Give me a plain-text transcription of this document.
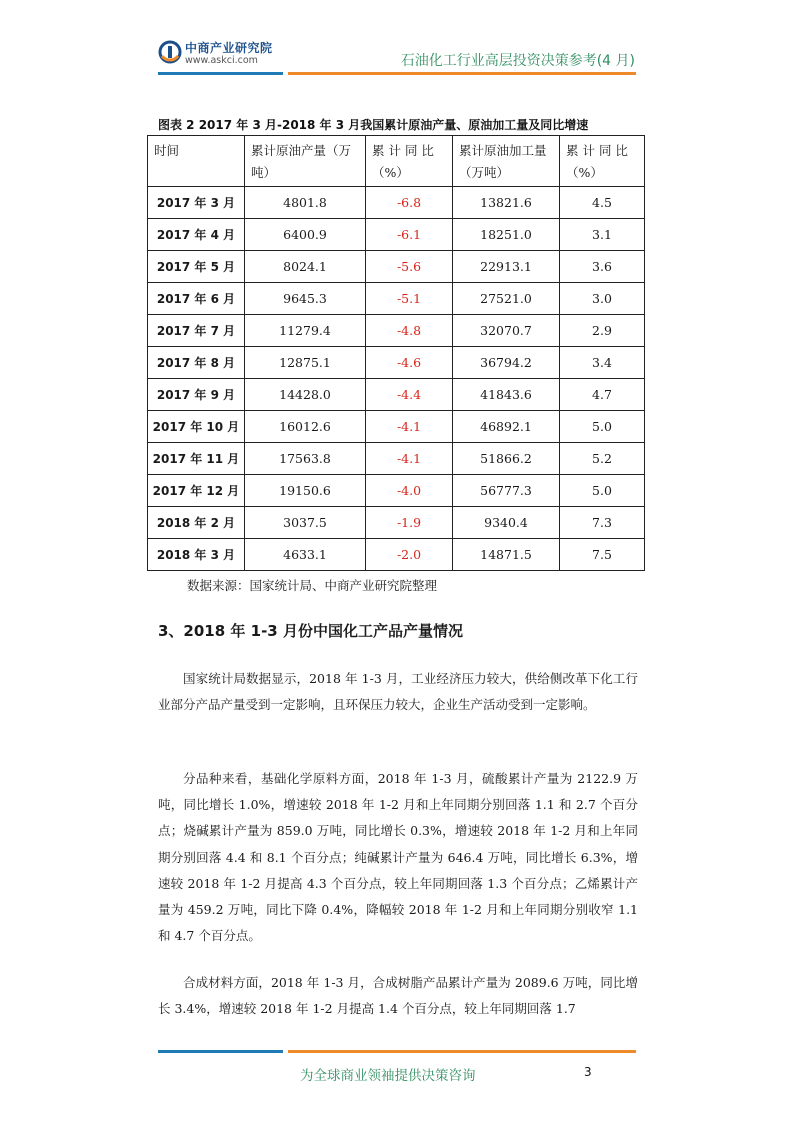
中商产业研究院
www.askci.com	石油化工行业高层投资决策参考(4 月)
图表 2 2017 年 3 月-2018 年 3 月我国累计原油产量、原油加工量及同比增速
时间	累计原油产量（万吨）	累 计 同 比（%）	累计原油加工量（万吨）	累 计 同 比（%）
2017 年 3 月	4801.8	-6.8	13821.6	4.5
2017 年 4 月	6400.9	-6.1	18251.0	3.1
2017 年 5 月	8024.1	-5.6	22913.1	3.6
2017 年 6 月	9645.3	-5.1	27521.0	3.0
2017 年 7 月	11279.4	-4.8	32070.7	2.9
2017 年 8 月	12875.1	-4.6	36794.2	3.4
2017 年 9 月	14428.0	-4.4	41843.6	4.7
2017 年 10 月	16012.6	-4.1	46892.1	5.0
2017 年 11 月	17563.8	-4.1	51866.2	5.2
2017 年 12 月	19150.6	-4.0	56777.3	5.0
2018 年 2 月	3037.5	-1.9	9340.4	7.3
2018 年 3 月	4633.1	-2.0	14871.5	7.5
数据来源：国家统计局、中商产业研究院整理
3、2018 年 1-3 月份中国化工产品产量情况

国家统计局数据显示，2018 年 1-3 月，工业经济压力较大，供给侧改革下化工行业部分产品产量受到一定影响，且环保压力较大，企业生产活动受到一定影响。

分品种来看，基础化学原料方面，2018 年 1-3 月，硫酸累计产量为 2122.9 万吨，同比增长 1.0%，增速较 2018 年 1-2 月和上年同期分别回落 1.1 和 2.7 个百分点；烧碱累计产量为 859.0 万吨，同比增长 0.3%，增速较 2018 年 1-2 月和上年同期分别回落 4.4 和 8.1 个百分点；纯碱累计产量为 646.4 万吨，同比增长 6.3%，增速较 2018 年 1-2 月提高 4.3 个百分点，较上年同期回落 1.3 个百分点；乙烯累计产量为 459.2 万吨，同比下降 0.4%，降幅较 2018 年 1-2 月和上年同期分别收窄 1.1 和 4.7 个百分点。

合成材料方面，2018 年 1-3 月，合成树脂产品累计产量为 2089.6 万吨，同比增长 3.4%，增速较 2018 年 1-2 月提高 1.4 个百分点，较上年同期回落 1.7

为全球商业领袖提供决策咨询	3
